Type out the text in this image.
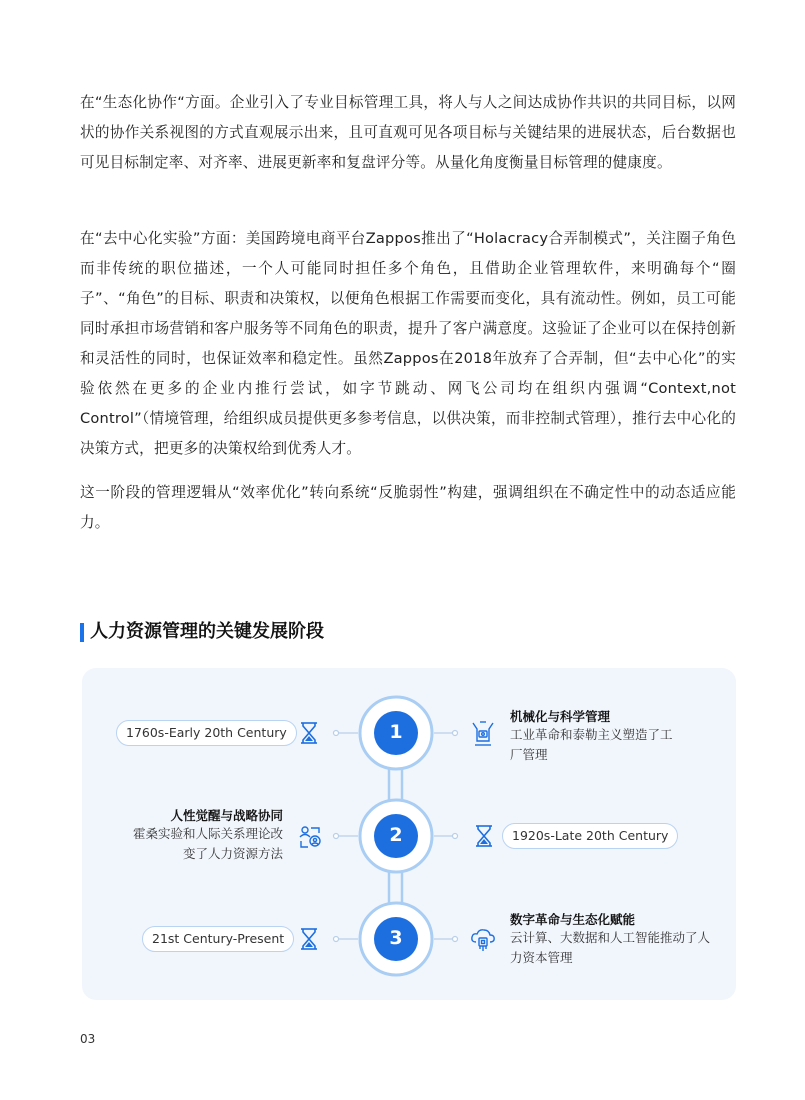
在“生态化协作“方面。企业引入了专业目标管理工具，将人与人之间达成协作共识的共同目标，以网状的协作关系视图的方式直观展示出来，且可直观可见各项目标与关键结果的进展状态，后台数据也可见目标制定率、对齐率、进展更新率和复盘评分等。从量化角度衡量目标管理的健康度。

在“去中心化实验”方面：美国跨境电商平台Zappos推出了“Holacracy合弄制模式”，关注圈子角色而非传统的职位描述，一个人可能同时担任多个角色，且借助企业管理软件，来明确每个“圈子”、“角色”的目标、职责和决策权，以便角色根据工作需要而变化，具有流动性。例如，员工可能同时承担市场营销和客户服务等不同角色的职责，提升了客户满意度。这验证了企业可以在保持创新和灵活性的同时，也保证效率和稳定性。虽然Zappos在2018年放弃了合弄制，但“去中心化”的实验依然在更多的企业内推行尝试，如字节跳动、网飞公司均在组织内强调“Context,not Control”（情境管理，给组织成员提供更多参考信息，以供决策，而非控制式管理），推行去中心化的决策方式，把更多的决策权给到优秀人才。

这一阶段的管理逻辑从“效率优化”转向系统“反脆弱性”构建，强调组织在不确定性中的动态适应能力。

人力资源管理的关键发展阶段
1
2
3
1760s-Early 20th Century
机械化与科学管理
工业革命和泰勒主义塑造了工厂管理
人性觉醒与战略协同
霍桑实验和人际关系理论改变了人力资源方法
1920s-Late 20th Century
21st Century-Present
数字革命与生态化赋能
云计算、大数据和人工智能推动了人力资本管理
03
